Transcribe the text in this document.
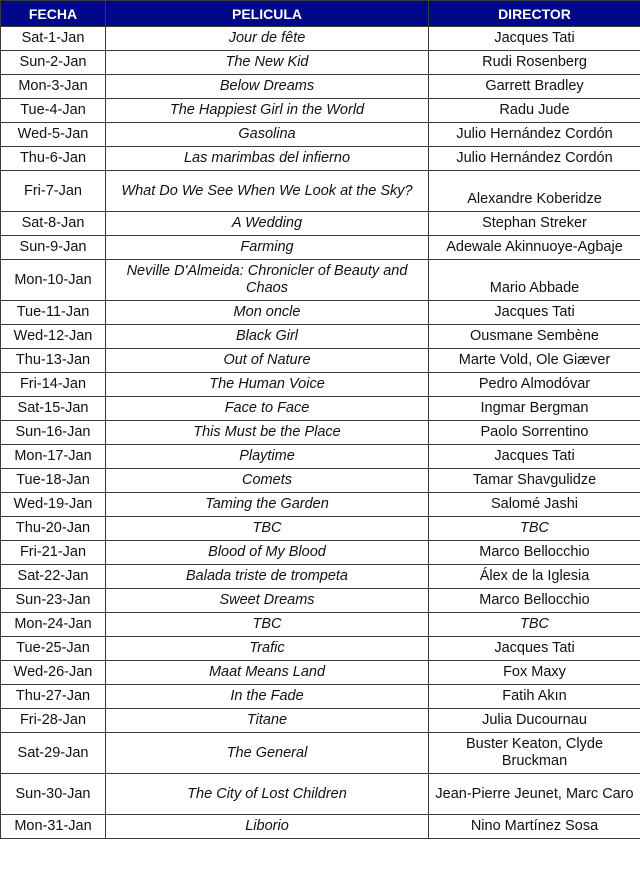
FECHA	PELICULA	DIRECTOR
Sat-1-Jan	Jour de fête	Jacques Tati
Sun-2-Jan	The New Kid	Rudi Rosenberg
Mon-3-Jan	Below Dreams	Garrett Bradley
Tue-4-Jan	The Happiest Girl in the World	Radu Jude
Wed-5-Jan	Gasolina	Julio Hernández Cordón
Thu-6-Jan	Las marimbas del infierno	Julio Hernández Cordón
Fri-7-Jan	What Do We See When We Look at the Sky?	Alexandre Koberidze
Sat-8-Jan	A Wedding	Stephan Streker
Sun-9-Jan	Farming	Adewale Akinnuoye-Agbaje
Mon-10-Jan	Neville D'Almeida: Chronicler of Beauty and Chaos	Mario Abbade
Tue-11-Jan	Mon oncle	Jacques Tati
Wed-12-Jan	Black Girl	Ousmane Sembène
Thu-13-Jan	Out of Nature	Marte Vold, Ole Giæver
Fri-14-Jan	The Human Voice	Pedro Almodóvar
Sat-15-Jan	Face to Face	Ingmar Bergman
Sun-16-Jan	This Must be the Place	Paolo Sorrentino
Mon-17-Jan	Playtime	Jacques Tati
Tue-18-Jan	Comets	Tamar Shavgulidze
Wed-19-Jan	Taming the Garden	Salomé Jashi
Thu-20-Jan	TBC	TBC
Fri-21-Jan	Blood of My Blood	Marco Bellocchio
Sat-22-Jan	Balada triste de trompeta	Álex de la Iglesia
Sun-23-Jan	Sweet Dreams	Marco Bellocchio
Mon-24-Jan	TBC	TBC
Tue-25-Jan	Trafic	Jacques Tati
Wed-26-Jan	Maat Means Land	Fox Maxy
Thu-27-Jan	In the Fade	Fatih Akın
Fri-28-Jan	Titane	Julia Ducournau
Sat-29-Jan	The General	Buster Keaton, Clyde Bruckman
Sun-30-Jan	The City of Lost Children	Jean-Pierre Jeunet, Marc Caro
Mon-31-Jan	Liborio	Nino Martínez Sosa
